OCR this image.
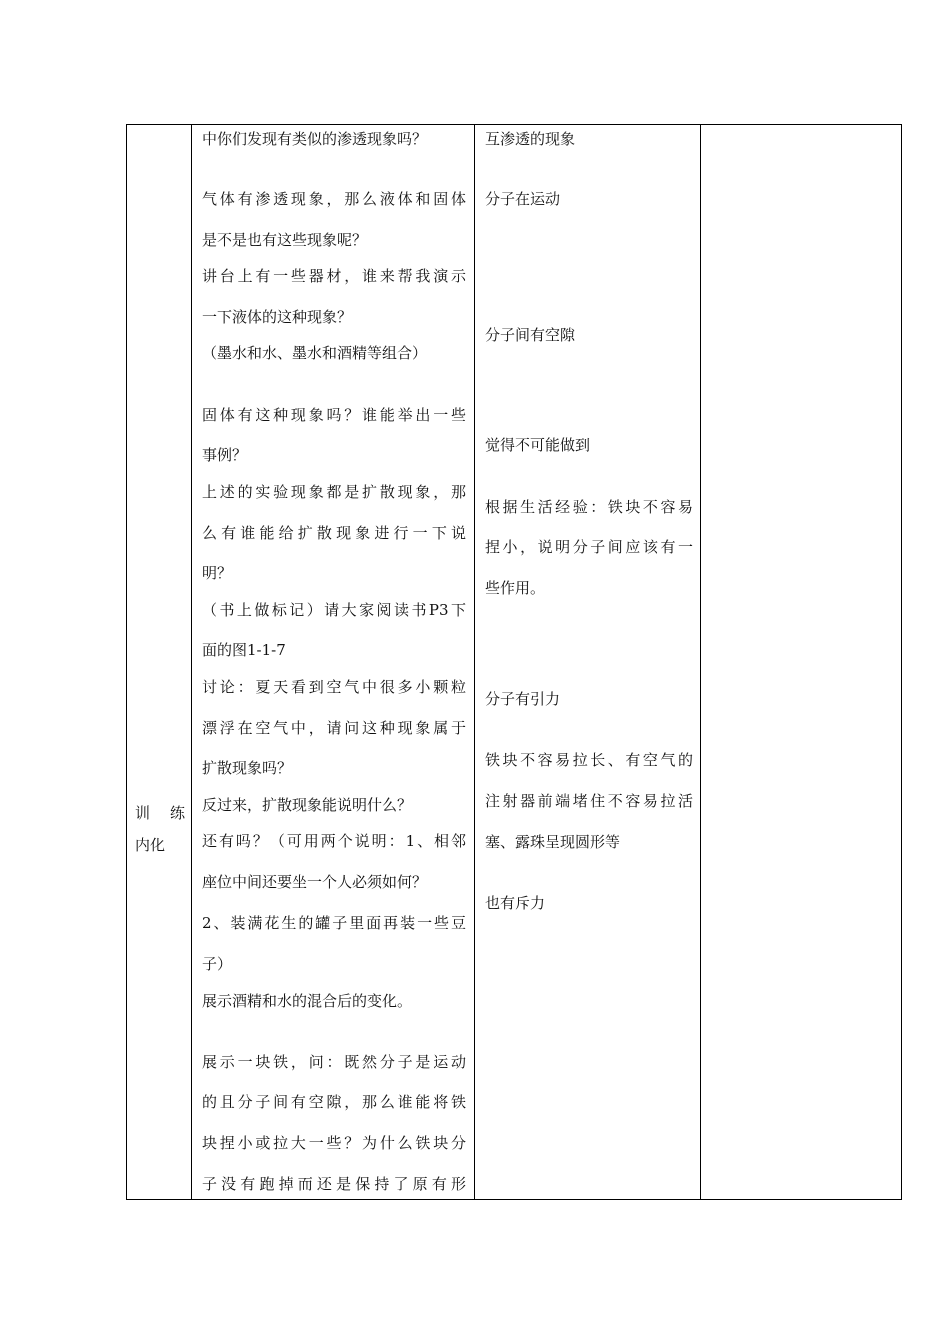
训 练
内化
中你们发现有类似的渗透现象吗？
气体有渗透现象，那么液体和固体
是不是也有这些现象呢？
讲台上有一些器材，谁来帮我演示
一下液体的这种现象？
（墨水和水、墨水和酒精等组合）
固体有这种现象吗？谁能举出一些
事例？
上述的实验现象都是扩散现象，那
么有谁能给扩散现象进行一下说
明？
（书上做标记）请大家阅读书P3下
面的图1-1-7
讨论：夏天看到空气中很多小颗粒
漂浮在空气中，请问这种现象属于
扩散现象吗？
反过来，扩散现象能说明什么？
还有吗？（可用两个说明：1、相邻
座位中间还要坐一个人必须如何？
2、装满花生的罐子里面再装一些豆
子）
展示酒精和水的混合后的变化。
展示一块铁，问：既然分子是运动
的且分子间有空隙，那么谁能将铁
块捏小或拉大一些？为什么铁块分
子没有跑掉而还是保持了原有形
互渗透的现象
分子在运动
分子间有空隙
觉得不可能做到
根据生活经验：铁块不容易
捏小，说明分子间应该有一
些作用。
分子有引力
铁块不容易拉长、有空气的
注射器前端堵住不容易拉活
塞、露珠呈现圆形等
也有斥力
